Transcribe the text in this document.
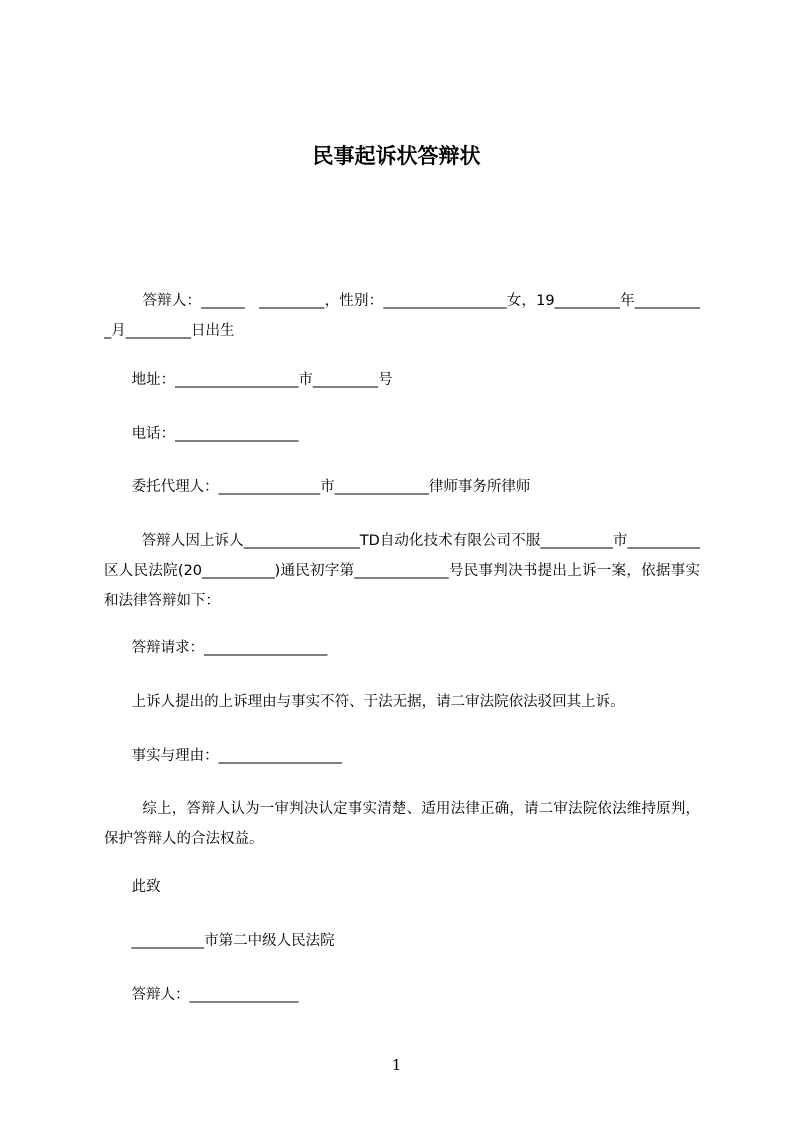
民事起诉状答辩状
答辩人：______   _________，性别：_________________女，19_________年__________月_________日出生
地址：_________________市_________号
电话：_________________
委托代理人：______________市_____________律师事务所律师
答辩人因上诉人________________TD自动化技术有限公司不服__________市__________区人民法院(20__________)通民初字第_____________号民事判决书提出上诉一案，依据事实和法律答辩如下：
答辩请求：_________________
上诉人提出的上诉理由与事实不符、于法无据，请二审法院依法驳回其上诉。
事实与理由：_________________
综上，答辩人认为一审判决认定事实清楚、适用法律正确，请二审法院依法维持原判，保护答辩人的合法权益。
此致
__________市第二中级人民法院
答辩人：_______________
1
